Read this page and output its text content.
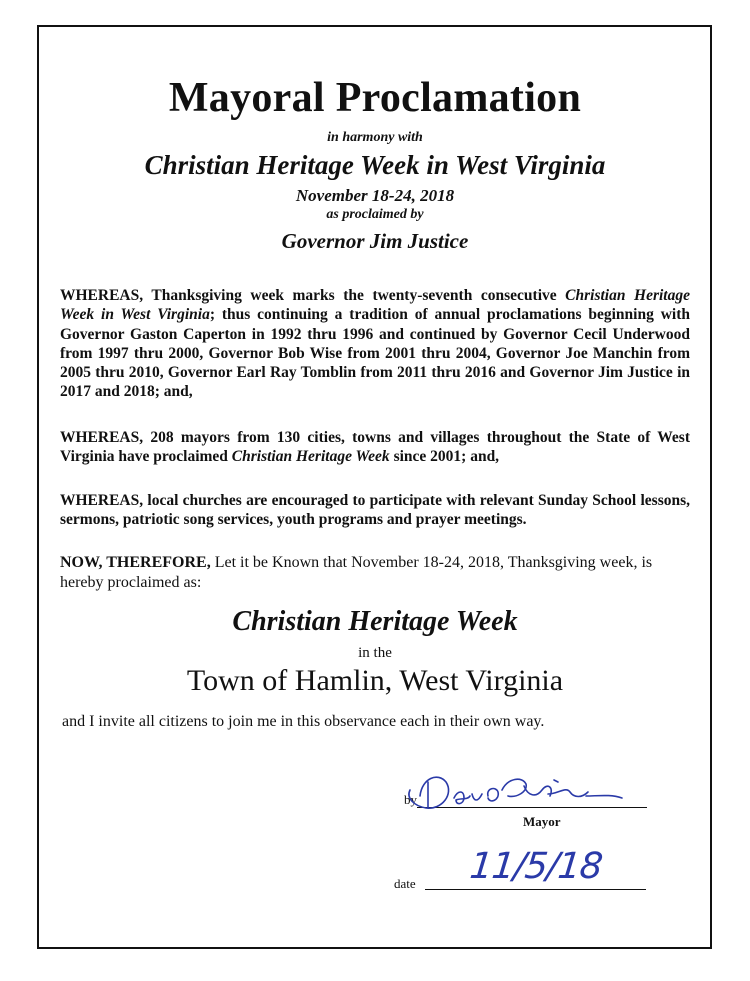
Mayoral Proclamation
in harmony with
Christian Heritage Week in West Virginia
November 18-24, 2018
as proclaimed by
Governor Jim Justice
WHEREAS, Thanksgiving week marks the twenty-seventh consecutive Christian Heritage Week in West Virginia; thus continuing a tradition of annual proclamations beginning with Governor Gaston Caperton in 1992 thru 1996 and continued by Governor Cecil Underwood from 1997 thru 2000, Governor Bob Wise from 2001 thru 2004, Governor Joe Manchin from 2005 thru 2010, Governor Earl Ray Tomblin from 2011 thru 2016 and Governor Jim Justice in 2017 and 2018; and,
WHEREAS, 208 mayors from 130 cities, towns and villages throughout the State of West Virginia have proclaimed Christian Heritage Week since 2001; and,
WHEREAS, local churches are encouraged to participate with relevant Sunday School lessons, sermons, patriotic song services, youth programs and prayer meetings.
NOW, THEREFORE, Let it be Known that November 18-24, 2018, Thanksgiving week, is hereby proclaimed as:
Christian Heritage Week
in the
Town of Hamlin, West Virginia
and I invite all citizens to join me in this observance each in their own way.
by
Mayor
date 11/5/18
